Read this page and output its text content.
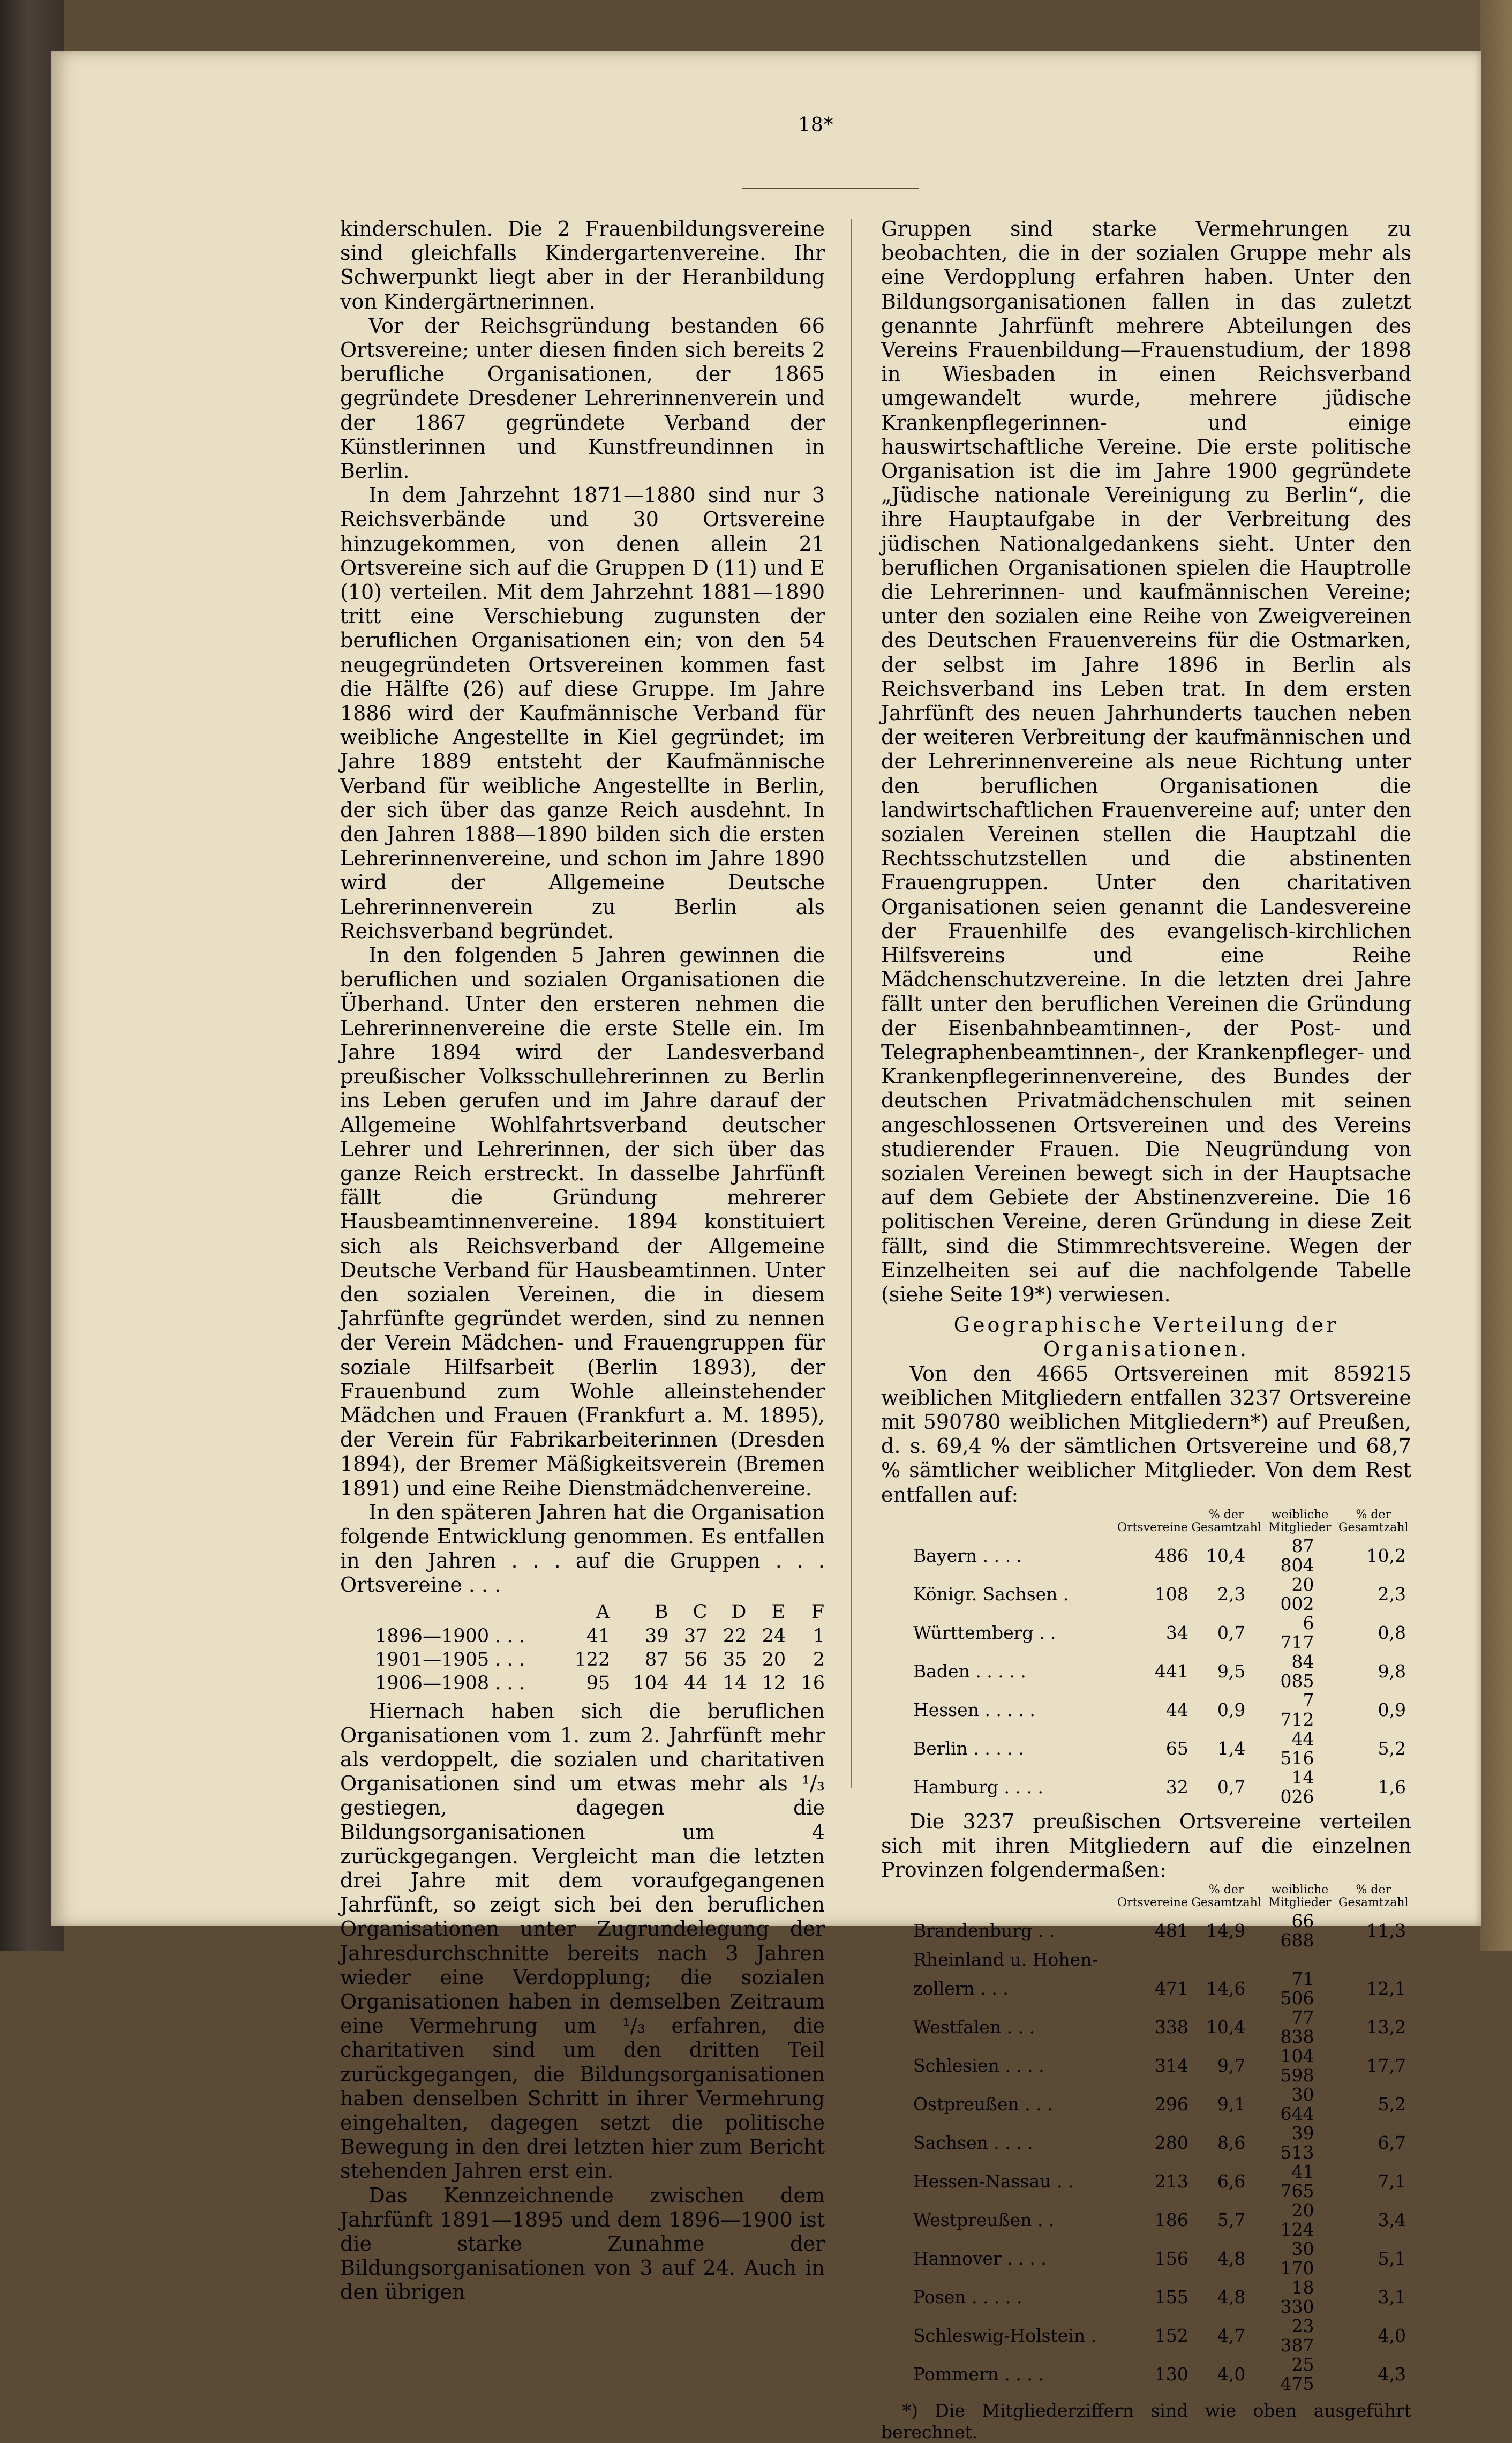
18*

kinderschulen. Die 2 Frauenbildungsvereine sind gleichfalls Kindergartenvereine. Ihr Schwerpunkt liegt aber in der Heranbildung von Kindergärtnerinnen.

Vor der Reichsgründung bestanden 66 Ortsvereine; unter diesen finden sich bereits 2 berufliche Organisationen, der 1865 gegründete Dresdener Lehrerinnenverein und der 1867 gegründete Verband der Künstlerinnen und Kunstfreundinnen in Berlin.

In dem Jahrzehnt 1871—1880 sind nur 3 Reichsverbände und 30 Ortsvereine hinzugekommen, von denen allein 21 Ortsvereine sich auf die Gruppen D (11) und E (10) verteilen. Mit dem Jahrzehnt 1881—1890 tritt eine Verschiebung zugunsten der beruflichen Organisationen ein; von den 54 neugegründeten Ortsvereinen kommen fast die Hälfte (26) auf diese Gruppe. Im Jahre 1886 wird der Kaufmännische Verband für weibliche Angestellte in Kiel gegründet; im Jahre 1889 entsteht der Kaufmännische Verband für weibliche Angestellte in Berlin, der sich über das ganze Reich ausdehnt. In den Jahren 1888—1890 bilden sich die ersten Lehrerinnenvereine, und schon im Jahre 1890 wird der Allgemeine Deutsche Lehrerinnenverein zu Berlin als Reichsverband begründet.

In den folgenden 5 Jahren gewinnen die beruflichen und sozialen Organisationen die Überhand. Unter den ersteren nehmen die Lehrerinnenvereine die erste Stelle ein. Im Jahre 1894 wird der Landesverband preußischer Volksschullehrerinnen zu Berlin ins Leben gerufen und im Jahre darauf der Allgemeine Wohlfahrtsverband deutscher Lehrer und Lehrerinnen, der sich über das ganze Reich erstreckt. In dasselbe Jahrfünft fällt die Gründung mehrerer Hausbeamtinnenvereine. 1894 konstituiert sich als Reichsverband der Allgemeine Deutsche Verband für Hausbeamtinnen. Unter den sozialen Vereinen, die in diesem Jahrfünfte gegründet werden, sind zu nennen der Verein Mädchen- und Frauengruppen für soziale Hilfsarbeit (Berlin 1893), der Frauenbund zum Wohle alleinstehender Mädchen und Frauen (Frankfurt a. M. 1895), der Verein für Fabrikarbeiterinnen (Dresden 1894), der Bremer Mäßigkeitsverein (Bremen 1891) und eine Reihe Dienstmädchenvereine.

In den späteren Jahren hat die Organisation folgende Entwicklung genommen. Es entfallen in den Jahren . . . auf die Gruppen . . . Ortsvereine . . .

	A	B	C	D	E	F
1896—1900 . . .	41	39	37	22	24	1
1901—1905 . . .	122	87	56	35	20	2
1906—1908 . . .	95	104	44	14	12	16

Hiernach haben sich die beruflichen Organisationen vom 1. zum 2. Jahrfünft mehr als verdoppelt, die sozialen und charitativen Organisationen sind um etwas mehr als ¹/₃ gestiegen, dagegen die Bildungsorganisationen um 4 zurückgegangen. Vergleicht man die letzten drei Jahre mit dem voraufgegangenen Jahrfünft, so zeigt sich bei den beruflichen Organisationen unter Zugrundelegung der Jahresdurchschnitte bereits nach 3 Jahren wieder eine Verdopplung; die sozialen Organisationen haben in demselben Zeitraum eine Vermehrung um ¹/₃ erfahren, die charitativen sind um den dritten Teil zurückgegangen, die Bildungsorganisationen haben denselben Schritt in ihrer Vermehrung eingehalten, dagegen setzt die politische Bewegung in den drei letzten hier zum Bericht stehenden Jahren erst ein.

Das Kennzeichnende zwischen dem Jahrfünft 1891—1895 und dem 1896—1900 ist die starke Zunahme der Bildungsorganisationen von 3 auf 24. Auch in den übrigen

Gruppen sind starke Vermehrungen zu beobachten, die in der sozialen Gruppe mehr als eine Verdopplung erfahren haben. Unter den Bildungsorganisationen fallen in das zuletzt genannte Jahrfünft mehrere Abteilungen des Vereins Frauenbildung—Frauenstudium, der 1898 in Wiesbaden in einen Reichsverband umgewandelt wurde, mehrere jüdische Krankenpflegerinnen- und einige hauswirtschaftliche Vereine. Die erste politische Organisation ist die im Jahre 1900 gegründete „Jüdische nationale Vereinigung zu Berlin“, die ihre Hauptaufgabe in der Verbreitung des jüdischen Nationalgedankens sieht. Unter den beruflichen Organisationen spielen die Hauptrolle die Lehrerinnen- und kaufmännischen Vereine; unter den sozialen eine Reihe von Zweigvereinen des Deutschen Frauenvereins für die Ostmarken, der selbst im Jahre 1896 in Berlin als Reichsverband ins Leben trat. In dem ersten Jahrfünft des neuen Jahrhunderts tauchen neben der weiteren Verbreitung der kaufmännischen und der Lehrerinnenvereine als neue Richtung unter den beruflichen Organisationen die landwirtschaftlichen Frauenvereine auf; unter den sozialen Vereinen stellen die Hauptzahl die Rechtsschutzstellen und die abstinenten Frauengruppen. Unter den charitativen Organisationen seien genannt die Landesvereine der Frauenhilfe des evangelisch-kirchlichen Hilfsvereins und eine Reihe Mädchenschutzvereine. In die letzten drei Jahre fällt unter den beruflichen Vereinen die Gründung der Eisenbahnbeamtinnen-, der Post- und Telegraphenbeamtinnen-, der Krankenpfleger- und Krankenpflegerinnenvereine, des Bundes der deutschen Privatmädchenschulen mit seinen angeschlossenen Ortsvereinen und des Vereins studierender Frauen. Die Neugründung von sozialen Vereinen bewegt sich in der Hauptsache auf dem Gebiete der Abstinenzvereine. Die 16 politischen Vereine, deren Gründung in diese Zeit fällt, sind die Stimmrechtsvereine. Wegen der Einzelheiten sei auf die nachfolgende Tabelle (siehe Seite 19*) verwiesen.

Geographische Verteilung der Organisationen.

Von den 4665 Ortsvereinen mit 859215 weiblichen Mitgliedern entfallen 3237 Ortsvereine mit 590780 weiblichen Mitgliedern*) auf Preußen, d. s. 69,4 % der sämtlichen Ortsvereine und 68,7 % sämtlicher weiblicher Mitglieder. Von dem Rest entfallen auf:

	Ortsvereine	% der Gesamtzahl	weibliche Mitglieder	% der Gesamtzahl
Bayern . . . .	486	10,4	87 804	10,2
Königr. Sachsen .	108	2,3	20 002	2,3
Württemberg . .	34	0,7	6 717	0,8
Baden . . . . .	441	9,5	84 085	9,8
Hessen . . . . .	44	0,9	7 712	0,9
Berlin . . . . .	65	1,4	44 516	5,2
Hamburg . . . .	32	0,7	14 026	1,6

Die 3237 preußischen Ortsvereine verteilen sich mit ihren Mitgliedern auf die einzelnen Provinzen folgendermaßen:

	Ortsvereine	% der Gesamtzahl	weibliche Mitglieder	% der Gesamtzahl
Brandenburg . .	481	14,9	66 688	11,3
Rheinland u. Hohen-				
zollern . . .	471	14,6	71 506	12,1
Westfalen . . .	338	10,4	77 838	13,2
Schlesien . . . .	314	9,7	104 598	17,7
Ostpreußen . . .	296	9,1	30 644	5,2
Sachsen . . . .	280	8,6	39 513	6,7
Hessen-Nassau . .	213	6,6	41 765	7,1
Westpreußen . .	186	5,7	20 124	3,4
Hannover . . . .	156	4,8	30 170	5,1
Posen . . . . .	155	4,8	18 330	3,1
Schleswig-Holstein .	152	4,7	23 387	4,0
Pommern . . . .	130	4,0	25 475	4,3
*) Die Mitgliederziffern sind wie oben ausgeführt berechnet.
